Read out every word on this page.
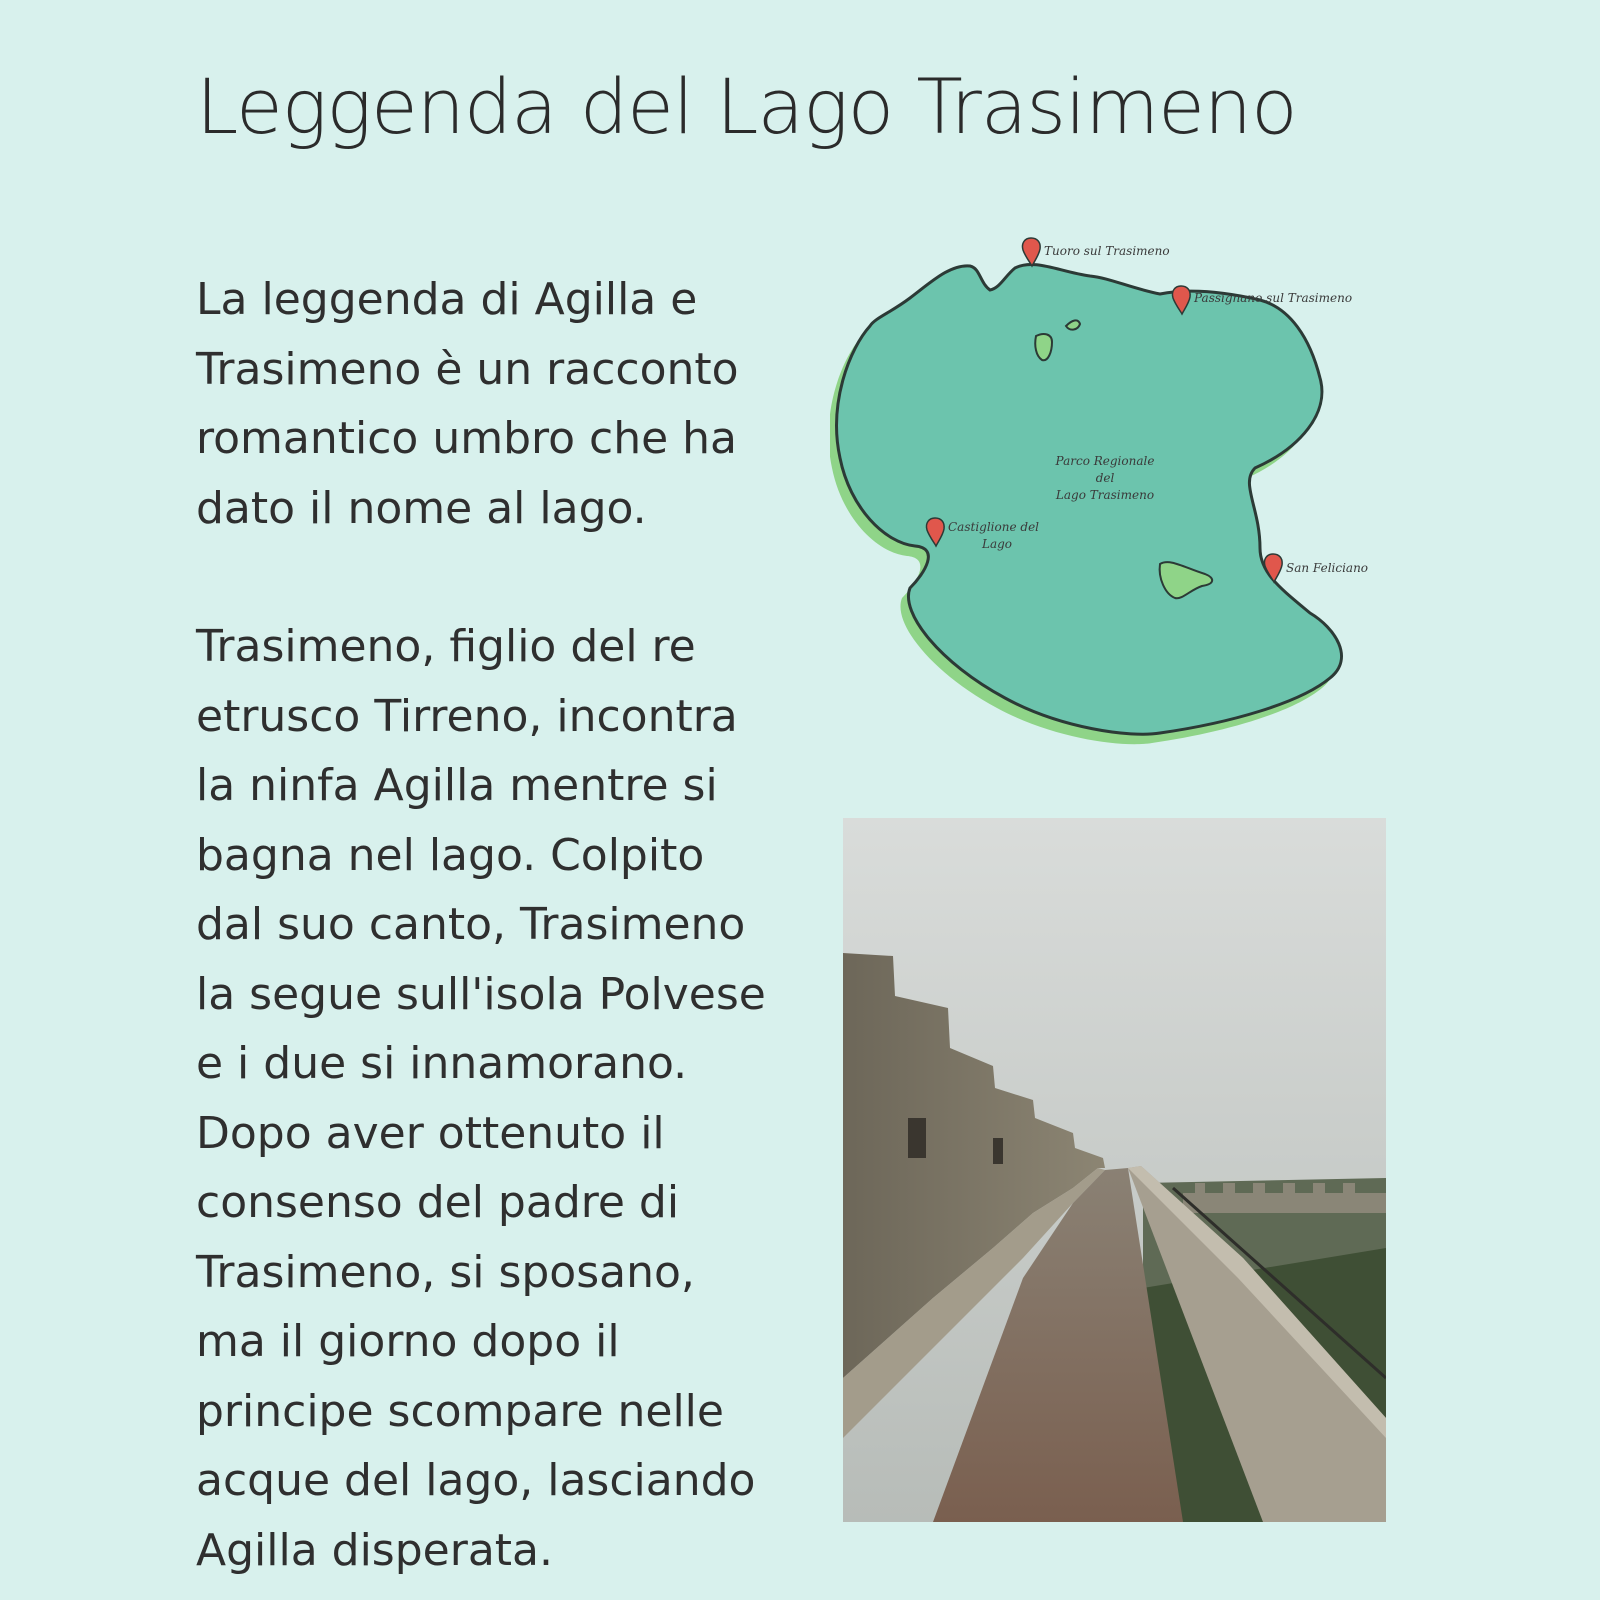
Leggenda del Lago Trasimeno

La leggenda di Agilla e
Trasimeno è un racconto
romantico umbro che ha
dato il nome al lago.

Trasimeno, figlio del re
etrusco Tirreno, incontra
la ninfa Agilla mentre si
bagna nel lago. Colpito
dal suo canto, Trasimeno
la segue sull'isola Polvese
e i due si innamorano.
Dopo aver ottenuto il
consenso del padre di
Trasimeno, si sposano,
ma il giorno dopo il
principe scompare nelle
acque del lago, lasciando
Agilla disperata.

Tuoro sul Trasimeno
Passignano sul Trasimeno
Castiglione del
Lago
San Feliciano
Parco Regionale
del
Lago Trasimeno
